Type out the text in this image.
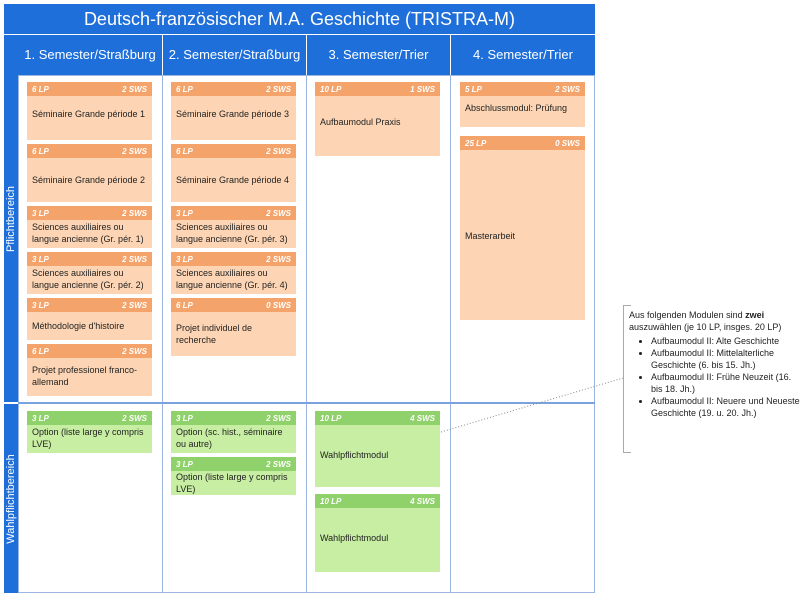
Deutsch-französischer M.A. Geschichte (TRISTRA-M)
Pflichtbereich
Wahlpflichtbereich
1. Semester/Straßburg	2. Semester/Straßburg	3. Semester/Trier	4. Semester/Trier
6 LP	2 SWS
Séminaire Grande période 1
6 LP	2 SWS
Séminaire Grande période 2
3 LP	2 SWS
Sciences auxiliaires ou langue ancienne (Gr. pér. 1)
3 LP	2 SWS
Sciences auxiliaires ou langue ancienne (Gr. pér. 2)
3 LP	2 SWS
Méthodologie d'histoire
6 LP	2 SWS
Projet professionel franco-allemand
6 LP	2 SWS
Séminaire Grande période 3
6 LP	2 SWS
Séminaire Grande période 4
3 LP	2 SWS
Sciences auxiliaires ou langue ancienne (Gr. pér. 3)
3 LP	2 SWS
Sciences auxiliaires ou langue ancienne (Gr. pér. 4)
6 LP	0 SWS
Projet individuel de recherche
10 LP	1 SWS
Aufbaumodul Praxis
5 LP	2 SWS
Abschlussmodul: Prüfung
25 LP	0 SWS
Masterarbeit
3 LP	2 SWS
Option (liste large y compris LVE)
3 LP	2 SWS
Option (sc. hist., séminaire ou autre)
3 LP	2 SWS
Option (liste large y compris LVE)
10 LP	4 SWS
Wahlpflichtmodul
10 LP	4 SWS
Wahlpflichtmodul
Aus folgenden Modulen sind zwei auszuwählen (je 10 LP, insges. 20 LP)
• Aufbaumodul II: Alte Geschichte
• Aufbaumodul II: Mittelalterliche Geschichte (6. bis 15. Jh.)
• Aufbaumodul II: Frühe Neuzeit (16. bis 18. Jh.)
• Aufbaumodul II: Neuere und Neueste Geschichte (19. u. 20. Jh.)
